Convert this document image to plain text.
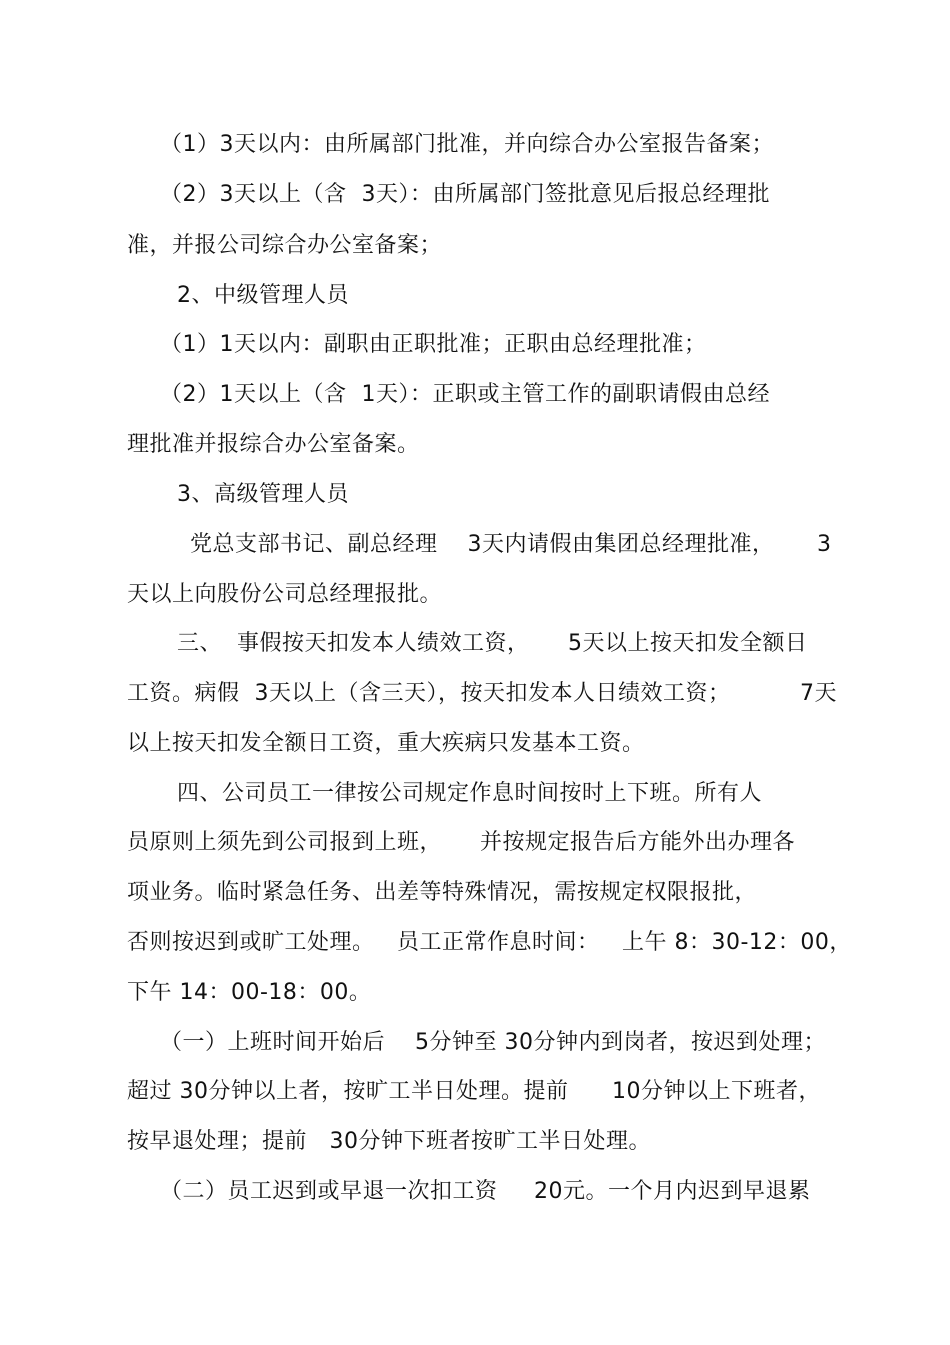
（1）3天以内：由所属部门批准，并向综合办公室报告备案；
（2）3天以上（含  3天）：由所属部门签批意见后报总经理批
准，并报公司综合办公室备案；
2、中级管理人员
（1）1天以内：副职由正职批准；正职由总经理批准；
（2）1天以上（含  1天）：正职或主管工作的副职请假由总经
理批准并报综合办公室备案。
3、高级管理人员
党总支部书记、副总经理    3天内请假由集团总经理批准， 3
天以上向股份公司总经理报批。
三、  事假按天扣发本人绩效工资， 5天以上按天扣发全额日
工资。病假  3天以上（含三天），按天扣发本人日绩效工资；	7天
以上按天扣发全额日工资，重大疾病只发基本工资。
四、公司员工一律按公司规定作息时间按时上下班。所有人
员原则上须先到公司报到上班， 并按规定报告后方能外出办理各
项业务。临时紧急任务、出差等特殊情况，需按规定权限报批，
否则按迟到或旷工处理。   员工正常作息时间：   上午 8：30-12：00，
下午 14：00-18：00。
（一）上班时间开始后    5分钟至 30分钟内到岗者，按迟到处理；
超过 30分钟以上者，按旷工半日处理。提前 10分钟以上下班者，
按早退处理；提前   30分钟下班者按旷工半日处理。
（二）员工迟到或早退一次扣工资 20元。一个月内迟到早退累
